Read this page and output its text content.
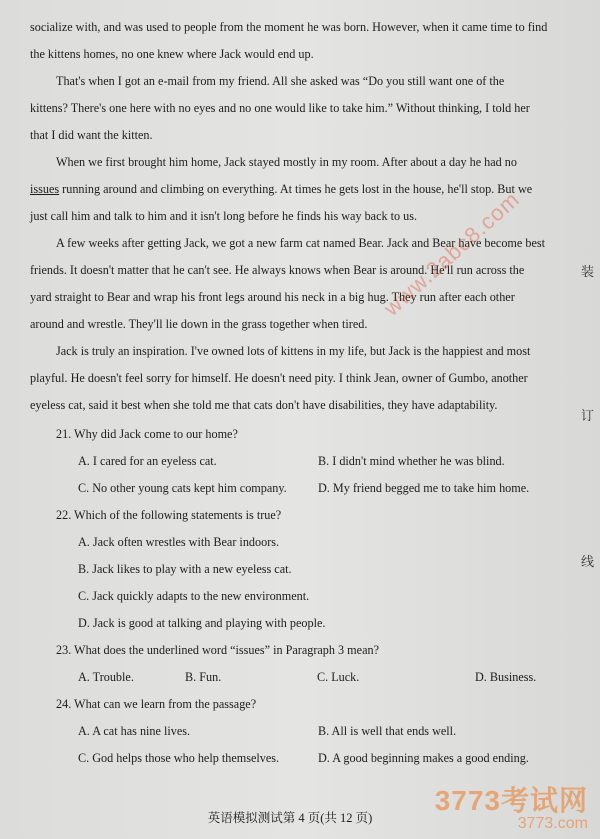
socialize with, and was used to people from the moment he was born. However, when it came time to find
the kittens homes, no one knew where Jack would end up.

That's when I got an e-mail from my friend. All she asked was “Do you still want one of the
kittens? There's one here with no eyes and no one would like to take him.” Without thinking, I told her
that I did want the kitten.

When we first brought him home, Jack stayed mostly in my room. After about a day he had no
issues running around and climbing on everything. At times he gets lost in the house, he'll stop. But we
just call him and talk to him and it isn't long before he finds his way back to us.

A few weeks after getting Jack, we got a new farm cat named Bear. Jack and Bear have become best
friends. It doesn't matter that he can't see. He always knows when Bear is around. He'll run across the
yard straight to Bear and wrap his front legs around his neck in a big hug. They run after each other
around and wrestle. They'll lie down in the grass together when tired.

Jack is truly an inspiration. I've owned lots of kittens in my life, but Jack is the happiest and most
playful. He doesn't feel sorry for himself. He doesn't need pity. I think Jean, owner of Gumbo, another
eyeless cat, said it best when she told me that cats don't have disabilities, they have adaptability.

21. Why did Jack come to our home?

A. I cared for an eyeless cat.	B. I didn't mind whether he was blind.
C. No other young cats kept him company.	D. My friend begged me to take him home.

22. Which of the following statements is true?

A. Jack often wrestles with Bear indoors.

B. Jack likes to play with a new eyeless cat.

C. Jack quickly adapts to the new environment.

D. Jack is good at talking and playing with people.

23. What does the underlined word “issues” in Paragraph 3 mean?

A. Trouble.	B. Fun.	C. Luck.	D. Business.

24. What can we learn from the passage?

A. A cat has nine lives.	B. All is well that ends well.
C. God helps those who help themselves.	D. A good beginning makes a good ending.
英语模拟测试第 4 页(共 12 页)
装
订
线
www.2abc8.com
3773考试网
3773.com
